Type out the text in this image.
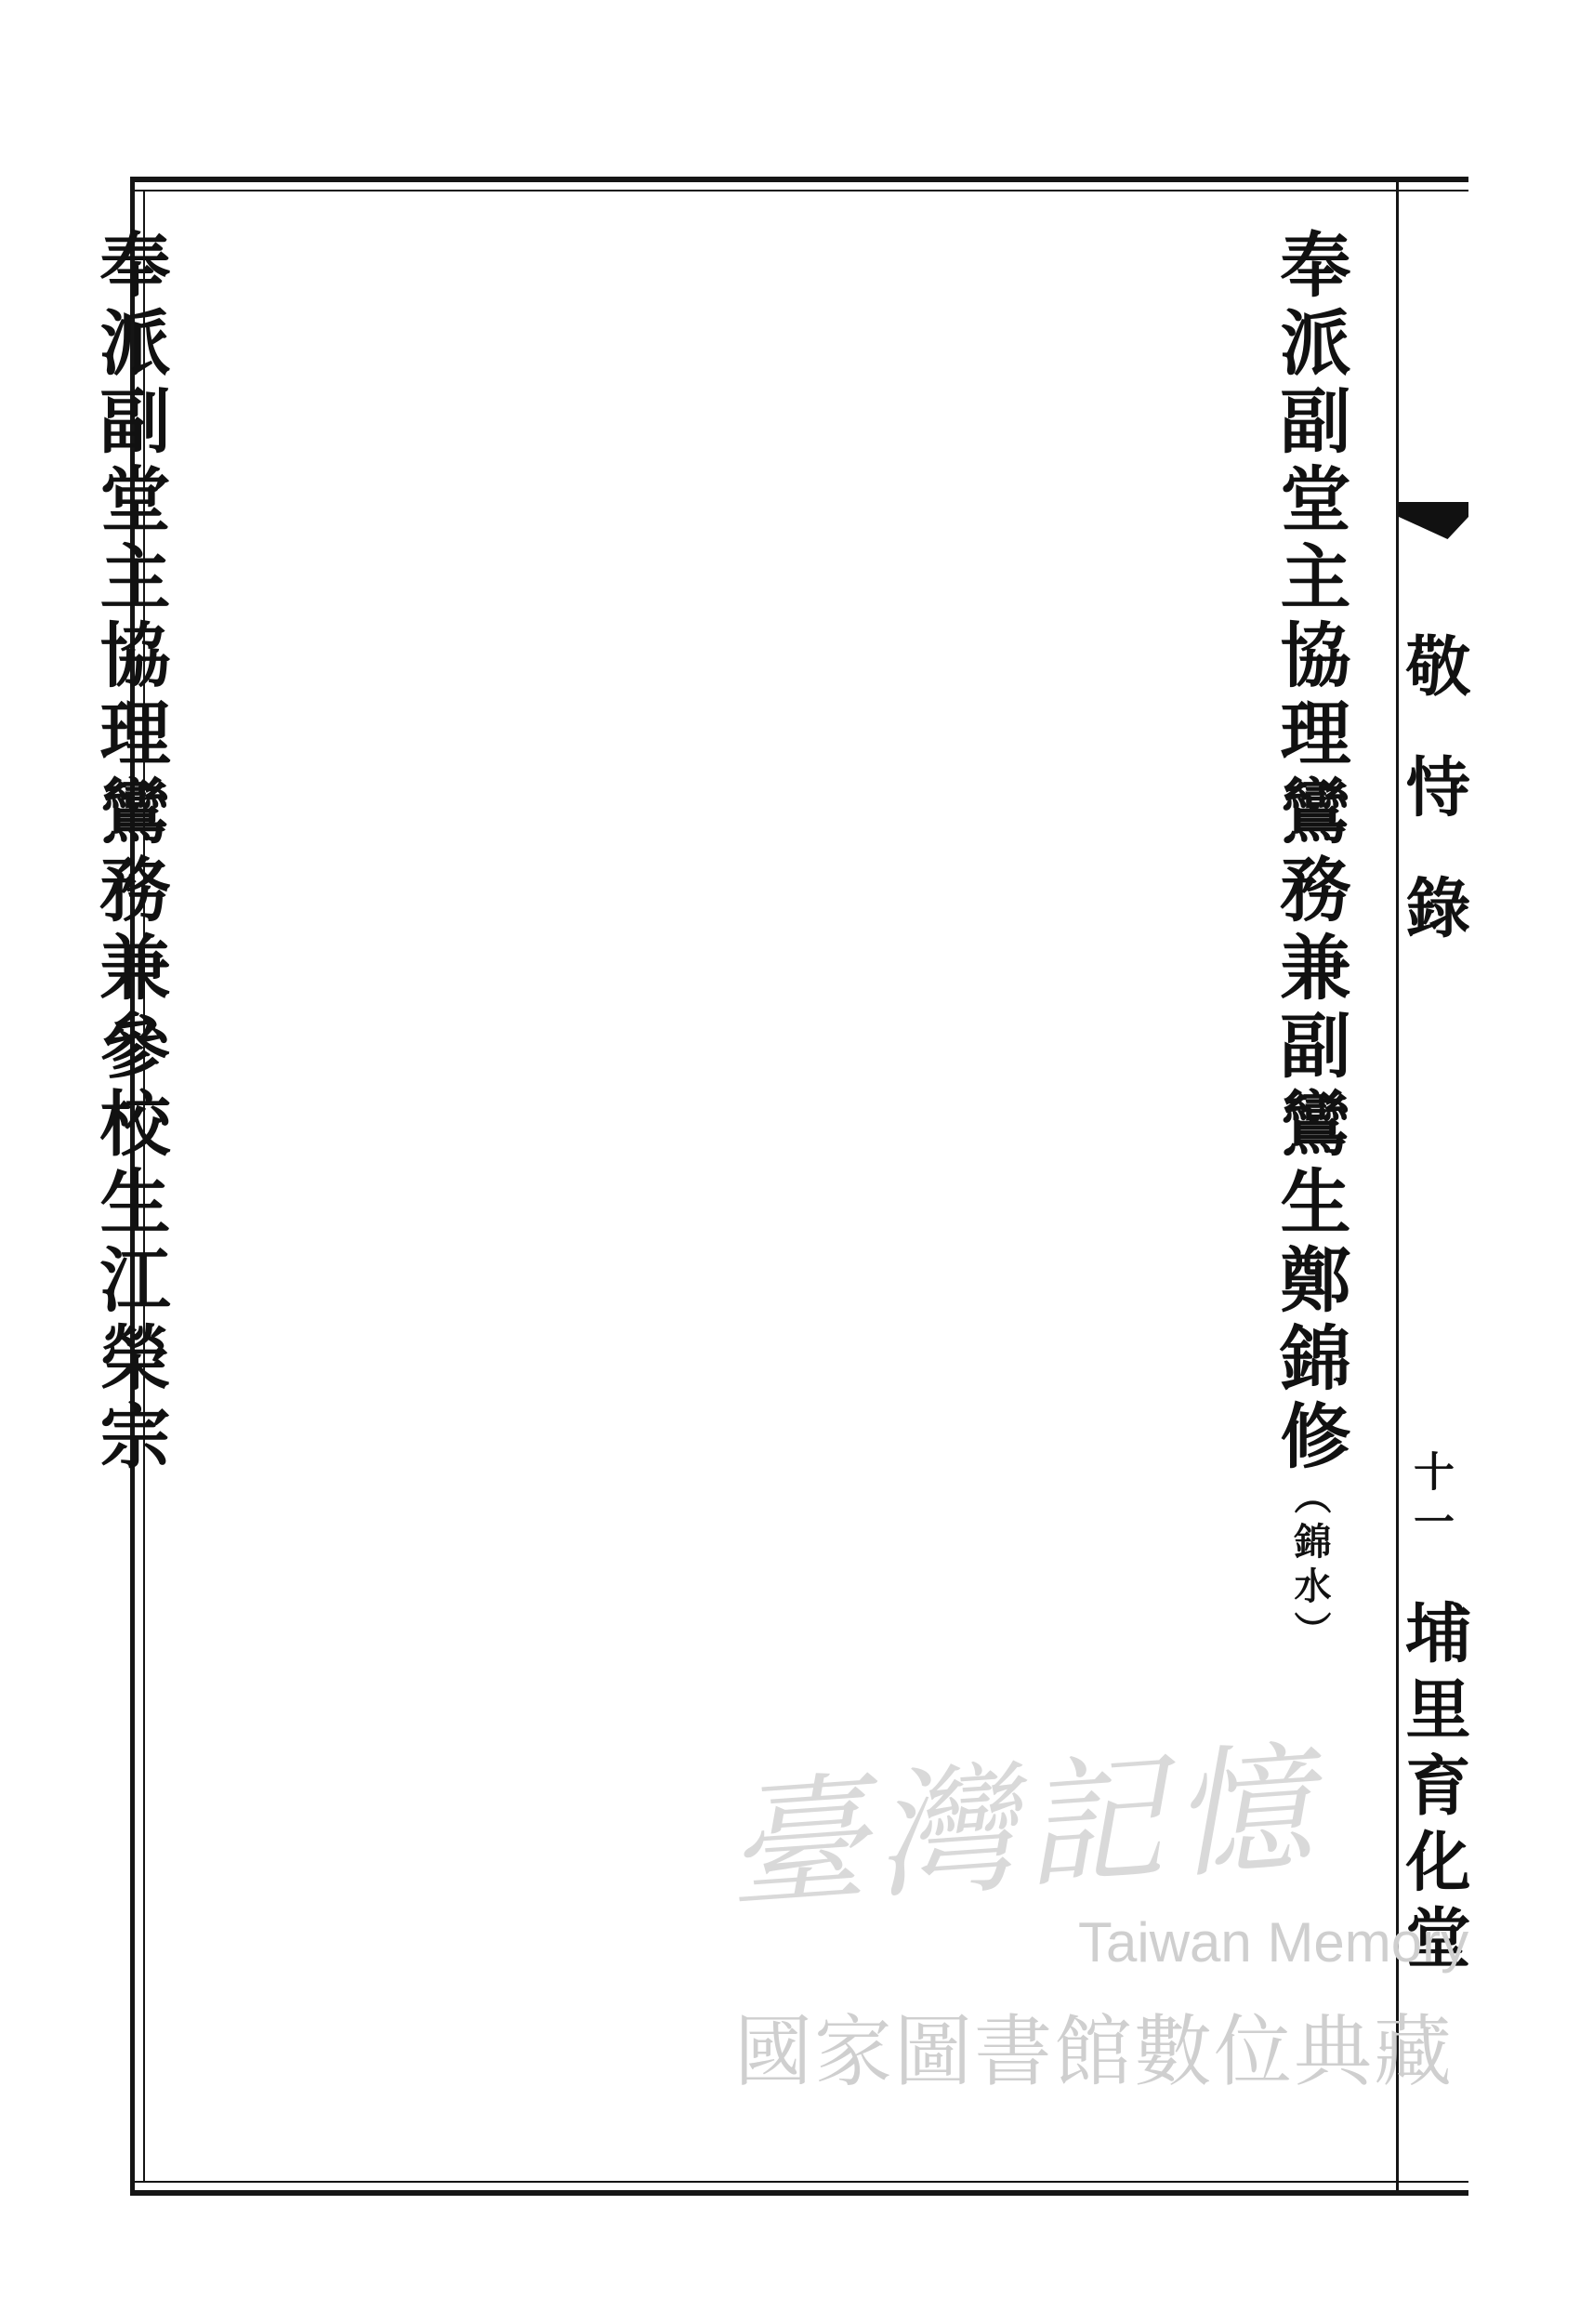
敬恃錄
十一
埔里育化堂
奉派副堂主協理鸞務兼副鸞生鄭錦修（錦水）
奉派副堂主協理鸞務兼參校生江榮宗
臺灣記憶
Taiwan Memory
國家圖書館數位典藏
